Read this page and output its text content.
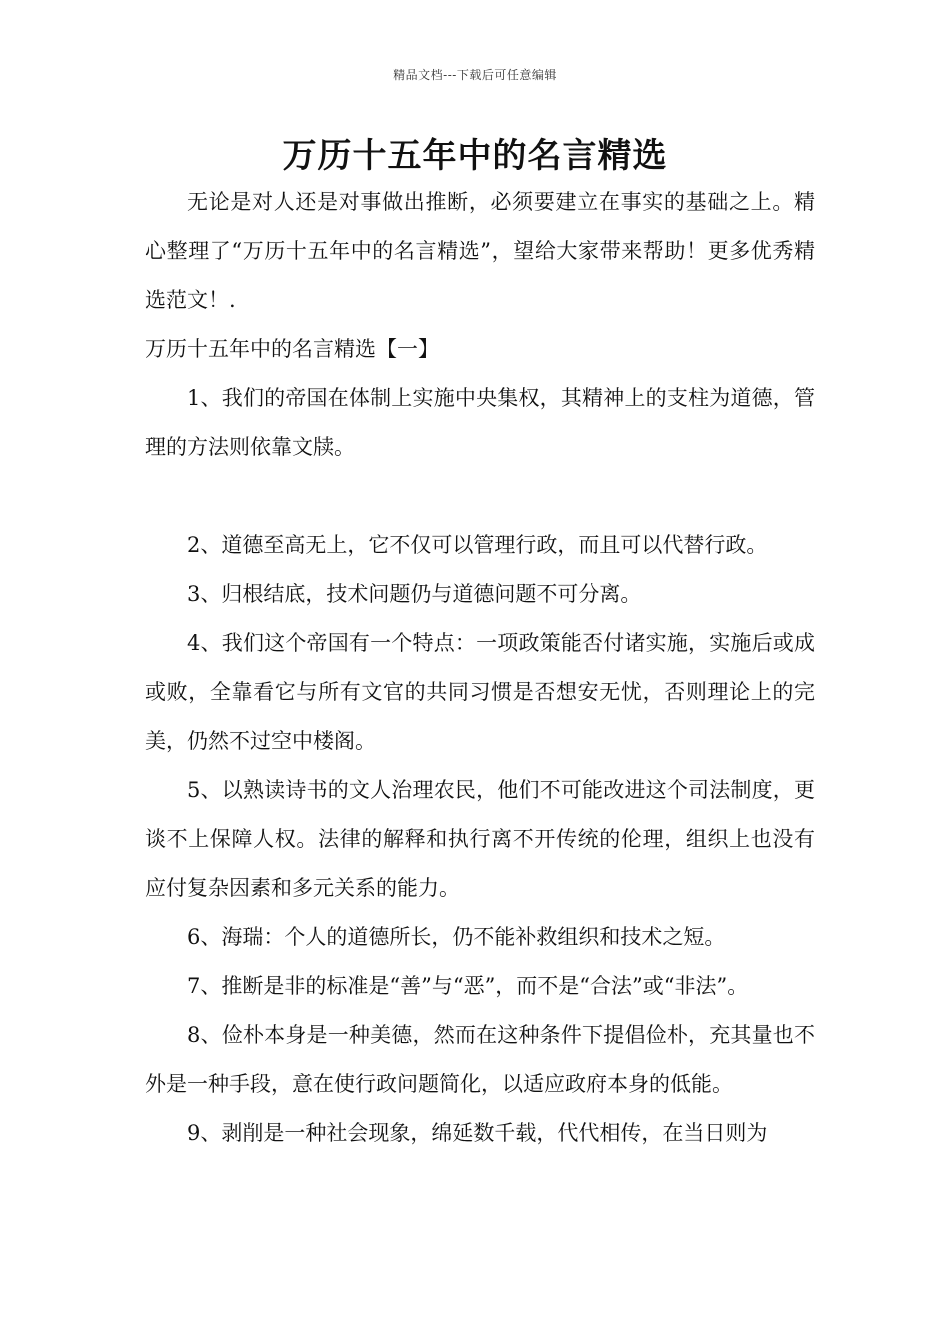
精品文档---下载后可任意编辑
万历十五年中的名言精选

无论是对人还是对事做出推断，必须要建立在事实的基础之上。精心整理了“万历十五年中的名言精选”，望给大家带来帮助！更多优秀精选范文！.

万历十五年中的名言精选【一】

1、我们的帝国在体制上实施中央集权，其精神上的支柱为道德，管理的方法则依靠文牍。

2、道德至高无上，它不仅可以管理行政，而且可以代替行政。

3、归根结底，技术问题仍与道德问题不可分离。

4、我们这个帝国有一个特点：一项政策能否付诸实施，实施后或成或败，全靠看它与所有文官的共同习惯是否想安无忧，否则理论上的完美，仍然不过空中楼阁。

5、以熟读诗书的文人治理农民，他们不可能改进这个司法制度，更谈不上保障人权。法律的解释和执行离不开传统的伦理，组织上也没有应付复杂因素和多元关系的能力。

6、海瑞：个人的道德所长，仍不能补救组织和技术之短。

7、推断是非的标准是“善”与“恶”，而不是“合法”或“非法”。

8、俭朴本身是一种美德，然而在这种条件下提倡俭朴，充其量也不外是一种手段，意在使行政问题简化，以适应政府本身的低能。

9、剥削是一种社会现象，绵延数千载，代代相传，在当日则为
